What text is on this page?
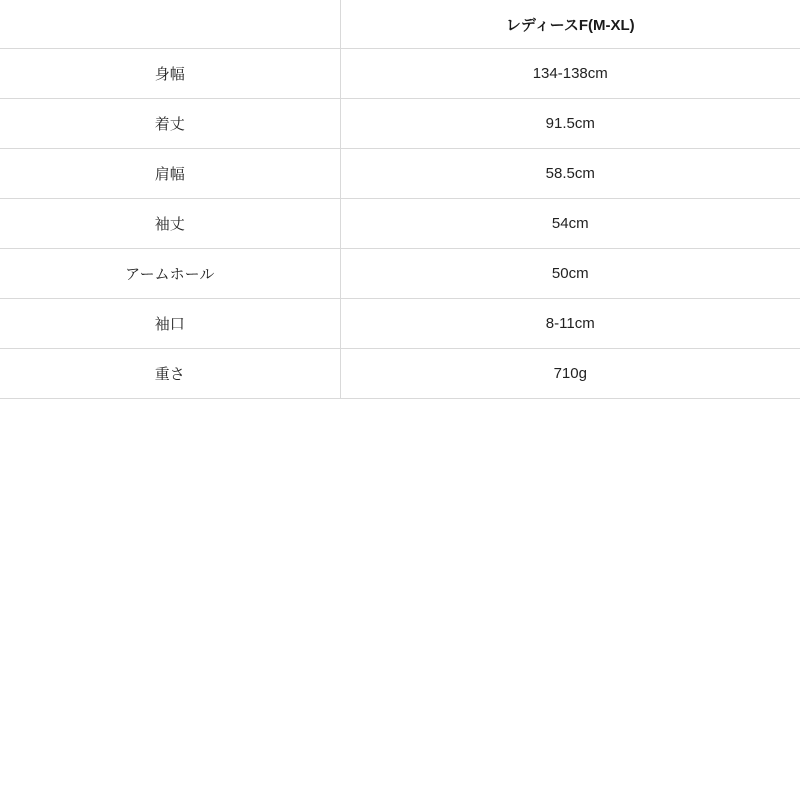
	レディースF(M-XL)
身幅	134-138cm
着丈	91.5cm
肩幅	58.5cm
袖丈	54cm
アームホール	50cm
袖口	8-11cm
重さ	710g
